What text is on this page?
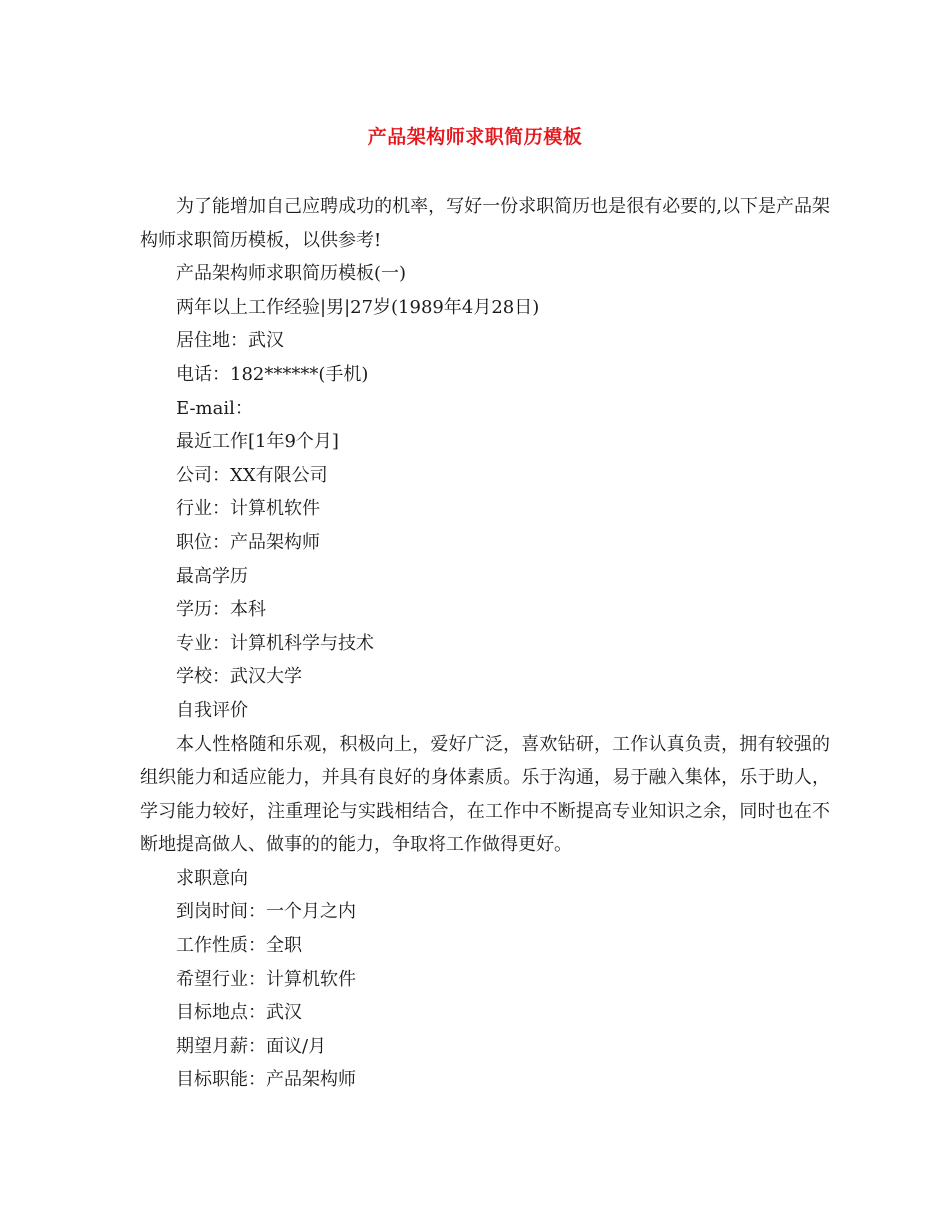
产品架构师求职简历模板

为了能增加自己应聘成功的机率，写好一份求职简历也是很有必要的,以下是产品架构师求职简历模板，以供参考!

产品架构师求职简历模板(一)

两年以上工作经验|男|27岁(1989年4月28日)

居住地：武汉

电话：182******(手机)

E-mail：

最近工作[1年9个月]

公司：XX有限公司

行业：计算机软件

职位：产品架构师

最高学历

学历：本科

专业：计算机科学与技术

学校：武汉大学

自我评价

本人性格随和乐观，积极向上，爱好广泛，喜欢钻研，工作认真负责，拥有较强的组织能力和适应能力，并具有良好的身体素质。乐于沟通，易于融入集体，乐于助人，学习能力较好，注重理论与实践相结合，在工作中不断提高专业知识之余，同时也在不断地提高做人、做事的的能力，争取将工作做得更好。

求职意向

到岗时间：一个月之内

工作性质：全职

希望行业：计算机软件

目标地点：武汉

期望月薪：面议/月

目标职能：产品架构师
